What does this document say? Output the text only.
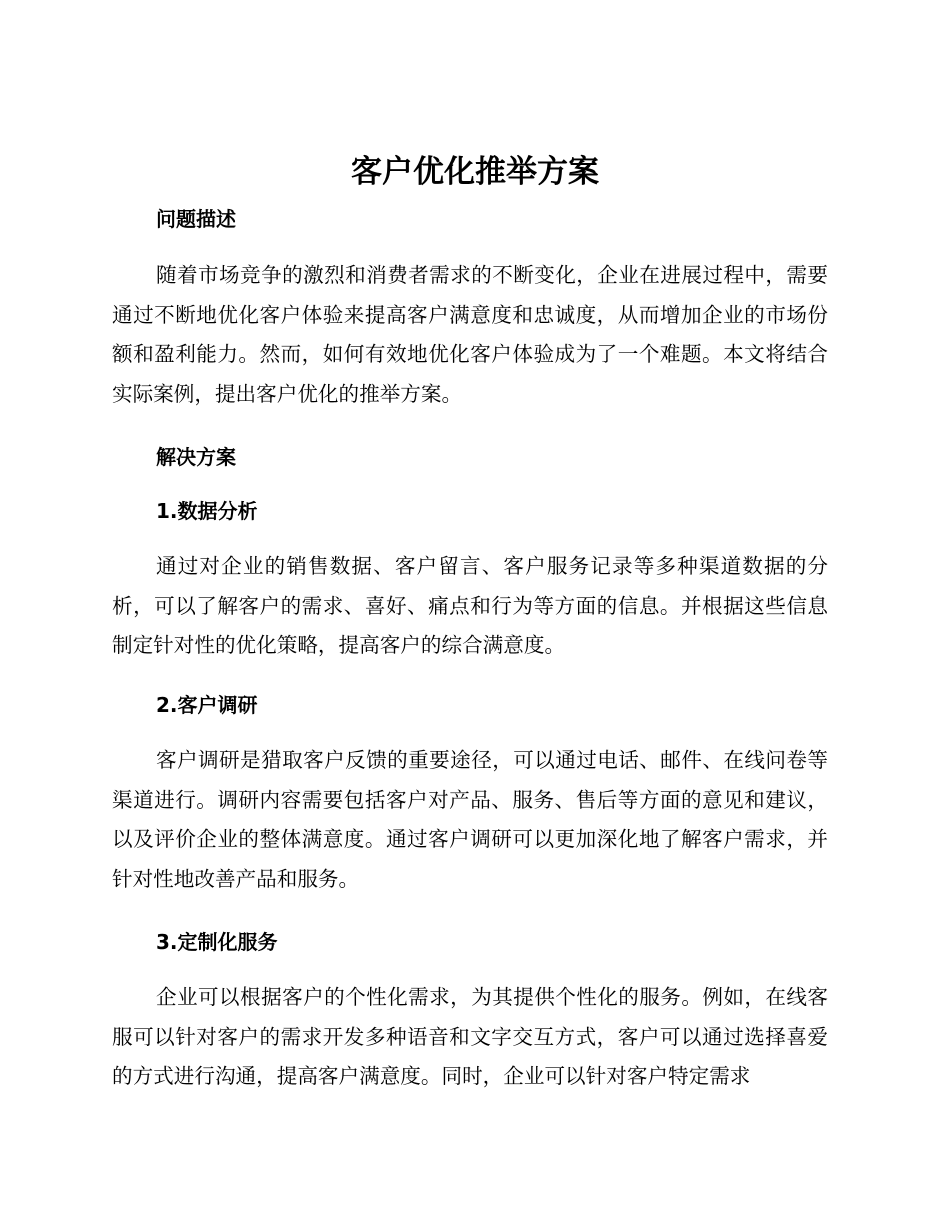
客户优化推举方案
问题描述

随着市场竞争的激烈和消费者需求的不断变化，企业在进展过程中，需要通过不断地优化客户体验来提高客户满意度和忠诚度，从而增加企业的市场份额和盈利能力。然而，如何有效地优化客户体验成为了一个难题。本文将结合实际案例，提出客户优化的推举方案。

解决方案
1.数据分析

通过对企业的销售数据、客户留言、客户服务记录等多种渠道数据的分析，可以了解客户的需求、喜好、痛点和行为等方面的信息。并根据这些信息制定针对性的优化策略，提高客户的综合满意度。

2.客户调研

客户调研是猎取客户反馈的重要途径，可以通过电话、邮件、在线问卷等渠道进行。调研内容需要包括客户对产品、服务、售后等方面的意见和建议，以及评价企业的整体满意度。通过客户调研可以更加深化地了解客户需求，并针对性地改善产品和服务。

3.定制化服务

企业可以根据客户的个性化需求，为其提供个性化的服务。例如，在线客服可以针对客户的需求开发多种语音和文字交互方式，客户可以通过选择喜爱的方式进行沟通，提高客户满意度。同时，企业可以针对客户特定需求
